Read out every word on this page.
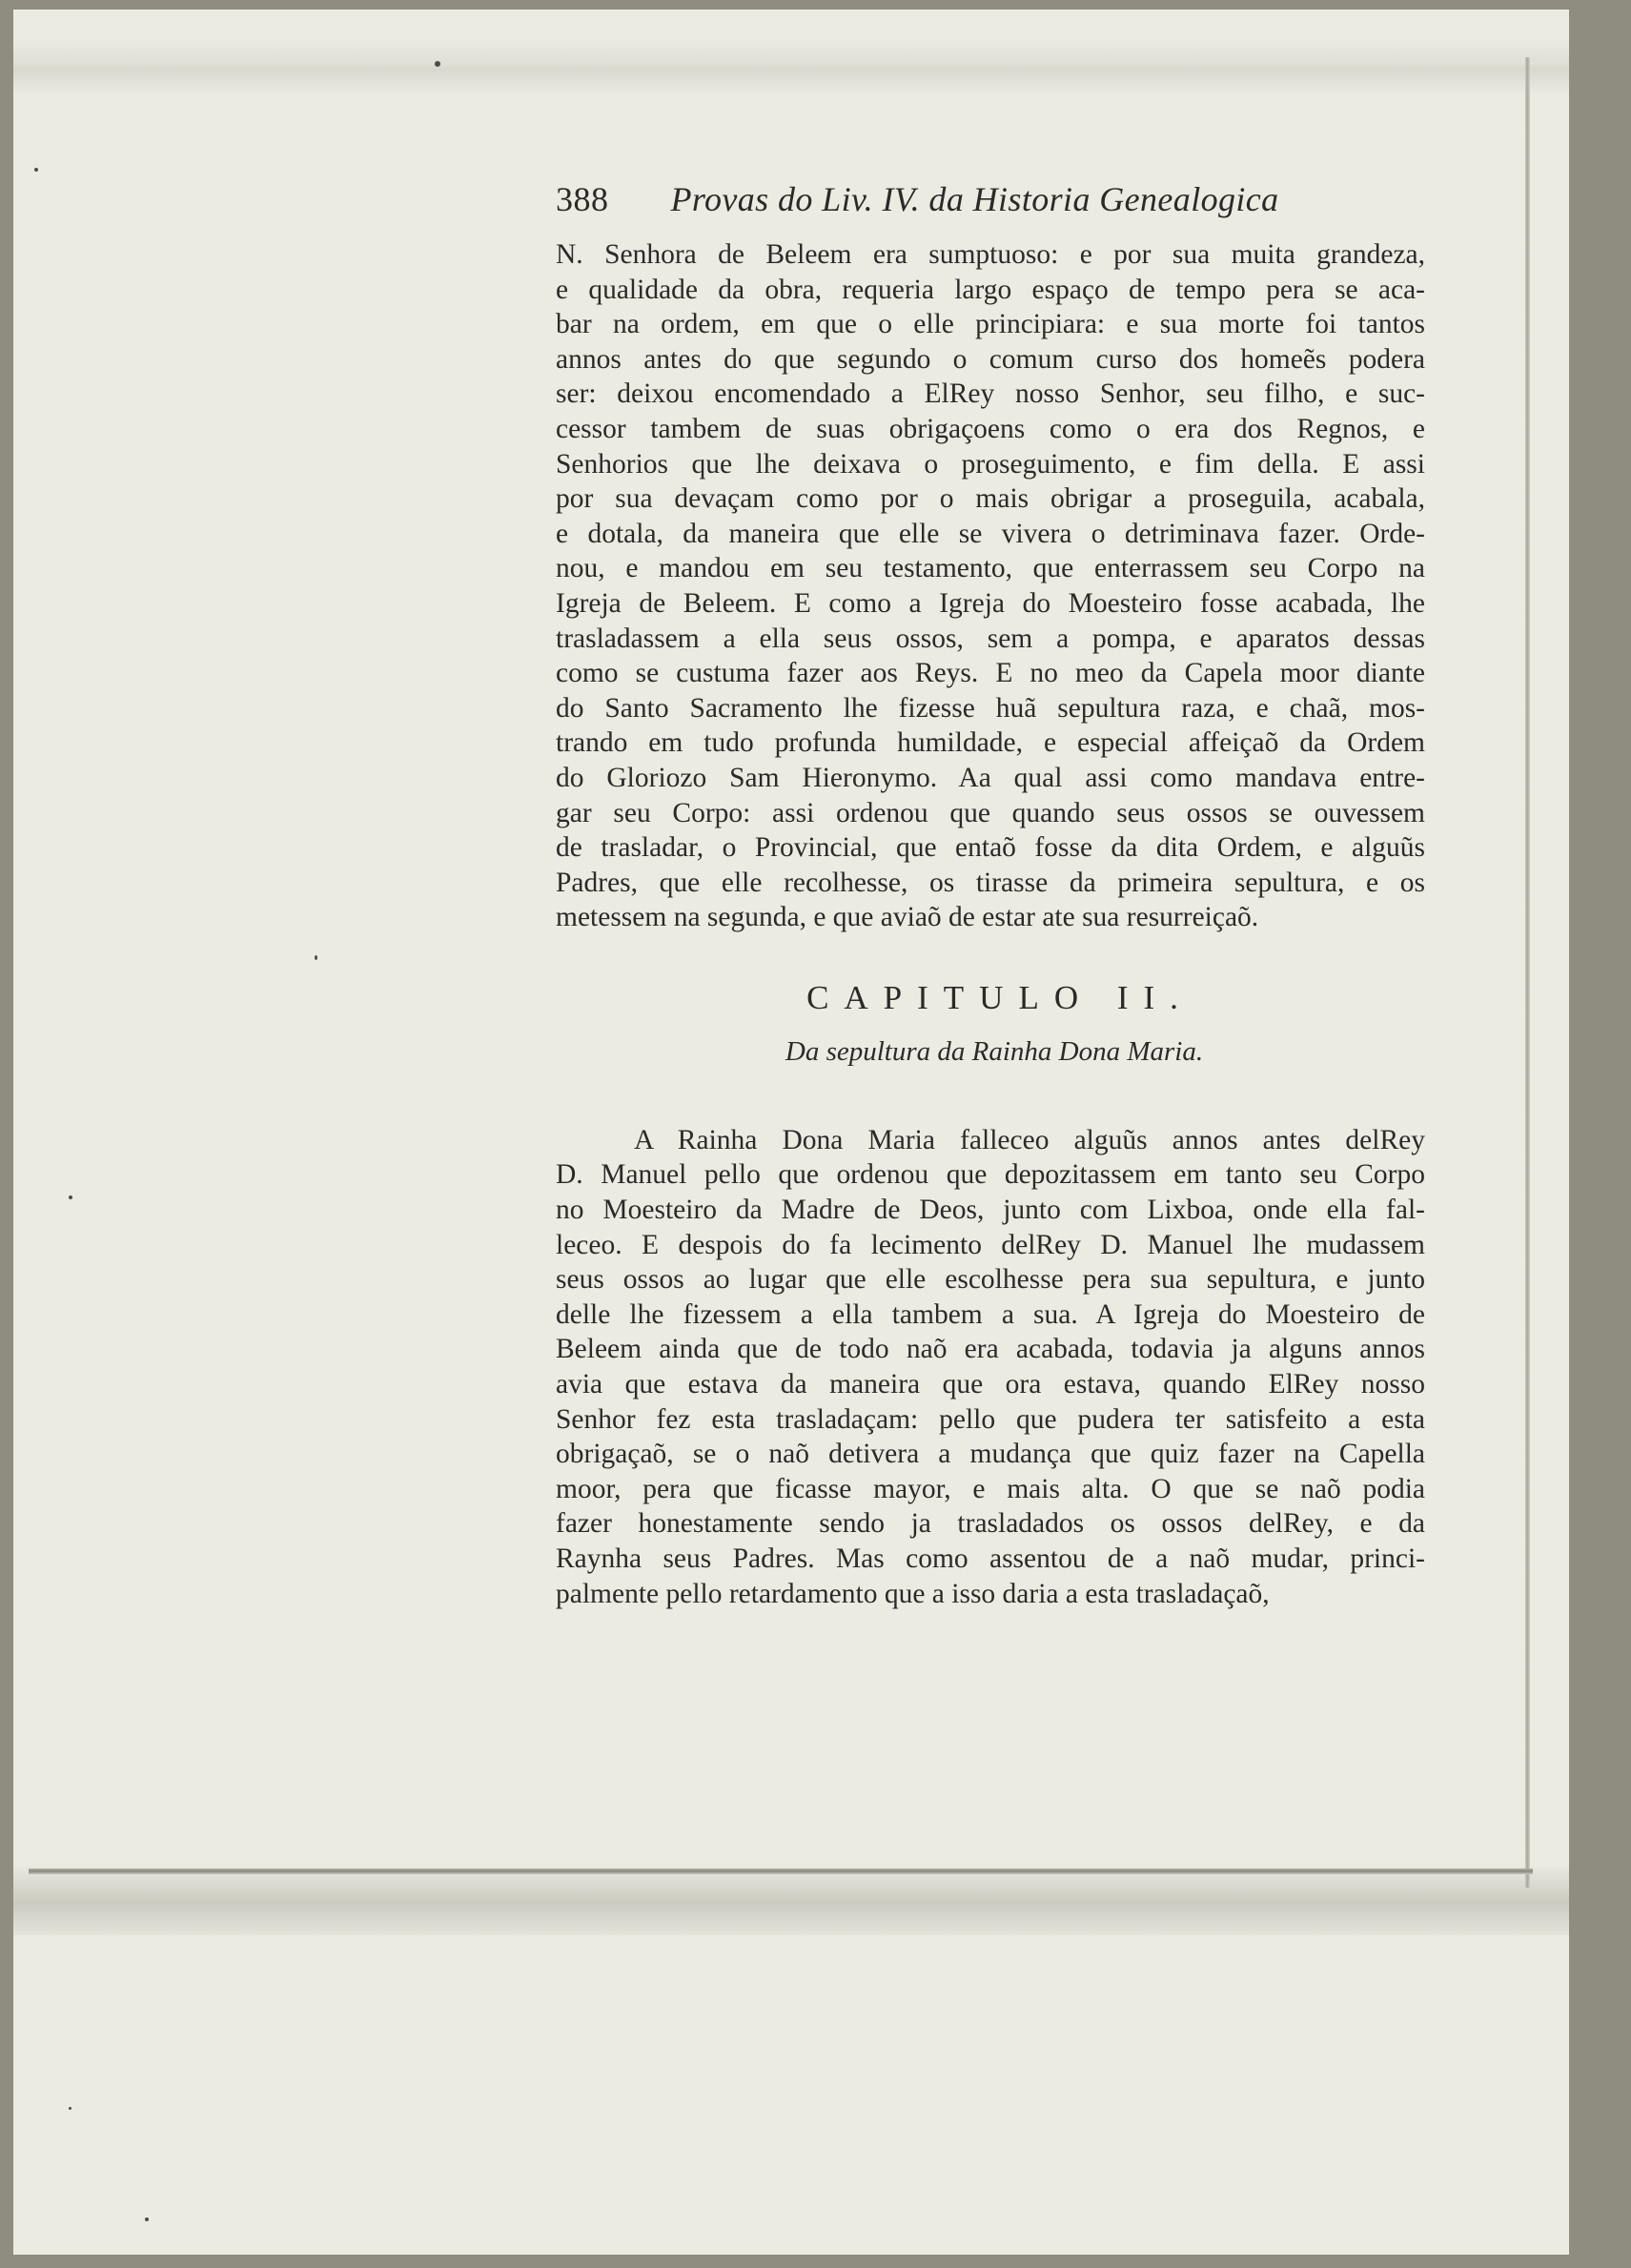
388 Provas do Liv. IV. da Historia Genealogica
N. Senhora de Beleem era sumptuoso: e por sua muita grandeza,
e qualidade da obra, requeria largo espaço de tempo pera se aca-
bar na ordem, em que o elle principiara: e sua morte foi tantos
annos antes do que segundo o comum curso dos homeẽs podera
ser: deixou encomendado a ElRey nosso Senhor, seu filho, e suc-
cessor tambem de suas obrigaçoens como o era dos Regnos, e
Senhorios que lhe deixava o proseguimento, e fim della. E assi
por sua devaçam como por o mais obrigar a proseguila, acabala,
e dotala, da maneira que elle se vivera o detriminava fazer. Orde-
nou, e mandou em seu testamento, que enterrassem seu Corpo na
Igreja de Beleem. E como a Igreja do Moesteiro fosse acabada, lhe
trasladassem a ella seus ossos, sem a pompa, e aparatos dessas
como se custuma fazer aos Reys. E no meo da Capela moor diante
do Santo Sacramento lhe fizesse huã sepultura raza, e chaã, mos-
trando em tudo profunda humildade, e especial affeiçaõ da Ordem
do Gloriozo Sam Hieronymo. Aa qual assi como mandava entre-
gar seu Corpo: assi ordenou que quando seus ossos se ouvessem
de trasladar, o Provincial, que entaõ fosse da dita Ordem, e alguũs
Padres, que elle recolhesse, os tirasse da primeira sepultura, e os
metessem na segunda, e que aviaõ de estar ate sua resurreiçaõ.
CAPITULO II.
Da sepultura da Rainha Dona Maria.
A Rainha Dona Maria falleceo alguũs annos antes delRey
D. Manuel pello que ordenou que depozitassem em tanto seu Corpo
no Moesteiro da Madre de Deos, junto com Lixboa, onde ella fal-
leceo. E despois do fa lecimento delRey D. Manuel lhe mudassem
seus ossos ao lugar que elle escolhesse pera sua sepultura, e junto
delle lhe fizessem a ella tambem a sua. A Igreja do Moesteiro de
Beleem ainda que de todo naõ era acabada, todavia ja alguns annos
avia que estava da maneira que ora estava, quando ElRey nosso
Senhor fez esta trasladaçam: pello que pudera ter satisfeito a esta
obrigaçaõ, se o naõ detivera a mudança que quiz fazer na Capella
moor, pera que ficasse mayor, e mais alta. O que se naõ podia
fazer honestamente sendo ja trasladados os ossos delRey, e da
Raynha seus Padres. Mas como assentou de a naõ mudar, princi-
palmente pello retardamento que a isso daria a esta trasladaçaõ,
